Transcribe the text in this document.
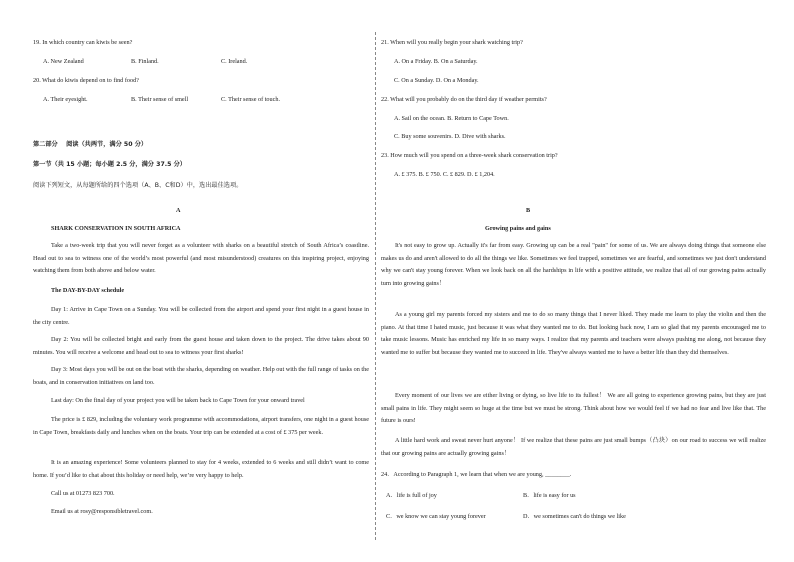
19. In which country can kiwis be seen?
A. New Zealand	B. Finland.	C. Ireland.
20. What do kiwis depend on to find food?
A. Their eyesight.	B. Their sense of smell	C. Their sense of touch.
第二部分　 阅读（共两节，满分 50 分）
第一节（共 15 小题；每小题 2.5 分，满分 37.5 分）
阅读下列短文，从每题所给的四个选项（A、B、C和D）中，选出最佳选项。
A
SHARK CONSERVATION IN SOUTH AFRICA
Take a two-week trip that you will never forget as a volunteer with sharks on a beautiful stretch of South Africa’s coastline. Head out to sea to witness one of the world’s most powerful (and most misunderstood) creatures on this inspiring project, enjoying watching them from both above and below water.
The DAY-BY-DAY schedule
Day 1: Arrive in Cape Town on a Sunday. You will be collected from the airport and spend your first night in a guest house in the city centre.
Day 2: You will be collected bright and early from the guest house and taken down to the project. The drive takes about 90 minutes. You will receive a welcome and head out to sea to witness your first sharks!
Day 3: Most days you will be out on the boat with the sharks, depending on weather. Help out with the full range of tasks on the boats, and in conservation initiatives on land too.
Last day: On the final day of your project you will be taken back to Cape Town for your onward travel
The price is £ 829, including the voluntary work programme with accommodations, airport transfers, one night in a guest house in Cape Town, breakfasts daily and lunches when on the boats. Your trip can be extended at a cost of £ 375 per week.
It is an amazing experience! Some volunteers planned to stay for 4 weeks, extended to 6 weeks and still didn’t want to come home. If you’d like to chat about this holiday or need help, we’re very happy to help.
Call us at 01273 823 700.
Email us at rosy@responsibletravel.com.
21. When will you really begin your shark watching trip?
A. On a Friday. B. On a Saturday.
C. On a Sunday. D. On a Monday.
22. What will you probably do on the third day if weather permits?
A. Sail on the ocean. B. Return to Cape Town.
C. Buy some souvenirs. D. Dive with sharks.
23. How much will you spend on a three-week shark conservation trip?
A. £ 375. B. £ 750. C. £ 829. D. £ 1,204.
B
Growing pains and gains
It's not easy to grow up. Actually it's far from easy. Growing up can be a real "pain" for some of us. We are always doing things that someone else makes us do and aren't allowed to do all the things we like. Sometimes we feel trapped, sometimes we are fearful, and sometimes we just don't understand why we can't stay young forever. When we look back on all the hardships in life with a positive attitude, we realize that all of our growing pains actually turn into growing gains！
As a young girl my parents forced my sisters and me to do so many things that I never liked. They made me learn to play the violin and then the piano. At that time I hated music, just because it was what they wanted me to do. But looking back now, I am so glad that my parents encouraged me to take music lessons. Music has enriched my life in so many ways. I realize that my parents and teachers were always pushing me along, not because they wanted me to suffer but because they wanted me to succeed in life. They've always wanted me to have a better life than they did themselves.
Every moment of our lives we are either living or dying, so live life to its fullest！ We are all going to experience growing pains, but they are just small pains in life. They might seem so huge at the time but we must be strong. Think about how we would feel if we had no fear and live like that. The future is ours!
A little hard work and sweat never hurt anyone！ If we realize that these pains are just small bumps（凸块）on our road to success we will realize that our growing pains are actually growing gains！
24．According to Paragraph 1, we learn that when we are young, ________.
A．life is full of joy	B．life is easy for us
C．we know we can stay young forever	D．we sometimes can't do things we like
